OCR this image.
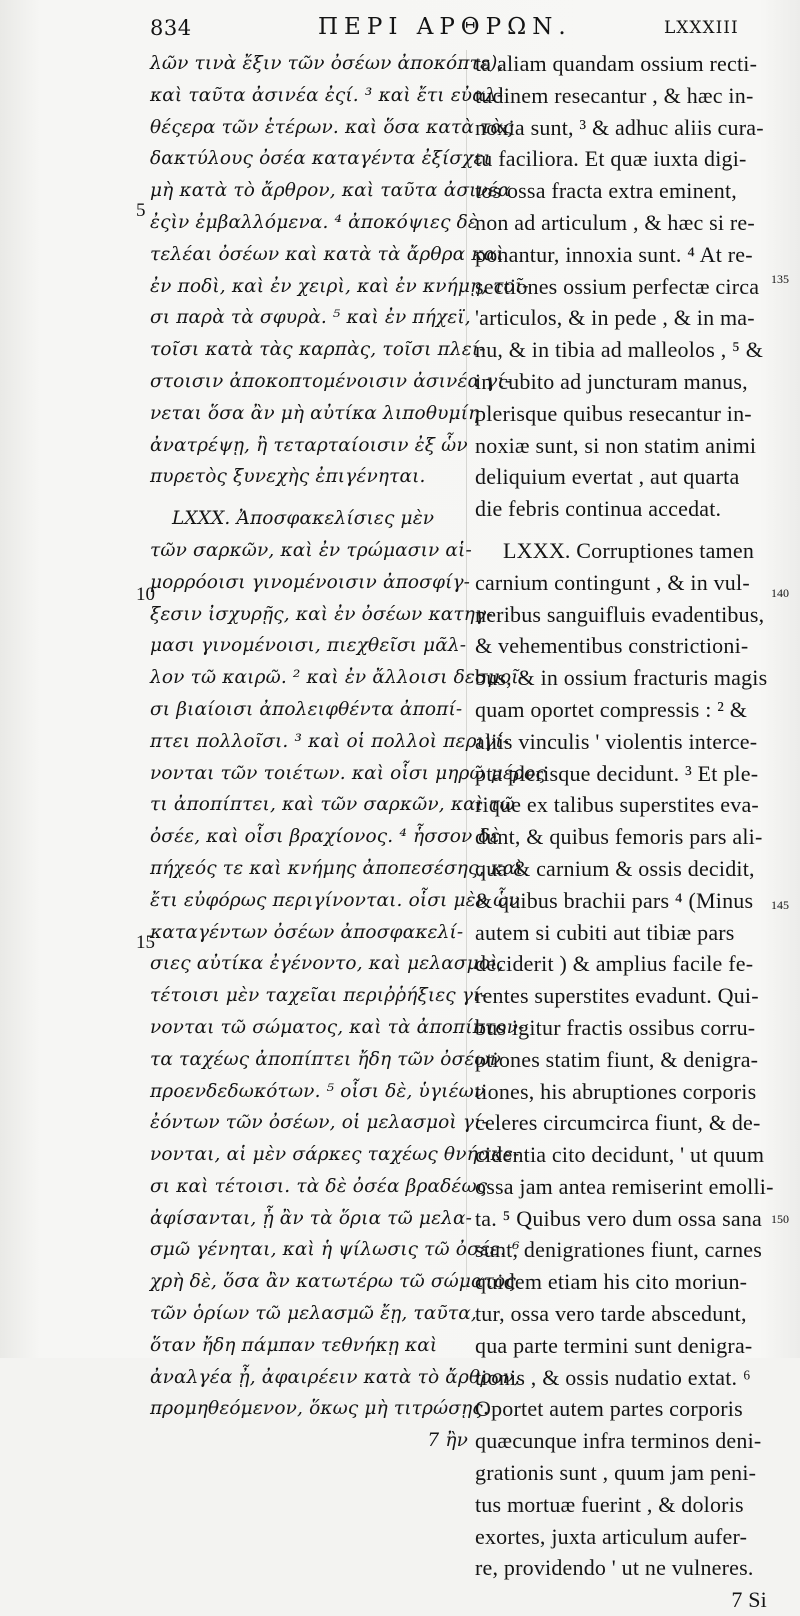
834	ΠΕΡΙ ΑΡΘΡΩΝ.	LXXXIII
λῶν τινὰ ἔξιν τῶν ὀσέων ἀποκόπτε),
καὶ ταῦτα ἀσινέα ἐςί. ³ καὶ ἔτι εὐαλ-
θέςερα τῶν ἑτέρων. καὶ ὅσα κατὰ τὰς
δακτύλους ὀσέα καταγέντα ἐξίσχει
μὴ κατὰ τὸ ἄρθρον, καὶ ταῦτα ἀσινέα
ἐςὶν ἐμβαλλόμενα. ⁴ ἀποκόψιες δὲ
τελέαι ὀσέων καὶ κατὰ τὰ ἄρθρα καὶ
ἐν ποδὶ, καὶ ἐν χειρὶ, καὶ ἐν κνήμῃ, τοῖ-
σι παρὰ τὰ σφυρὰ. ⁵ καὶ ἐν πήχεϊ,
τοῖσι κατὰ τὰς καρπὰς, τοῖσι πλεί-
στοισιν ἀποκοπτομένοισιν ἀσινέα γί-
νεται ὅσα ἂν μὴ αὐτίκα λιποθυμίη
ἀνατρέψῃ, ἢ τεταρταίοισιν ἐξ ὧν
πυρετὸς ξυνεχὴς ἐπιγένηται.
LXXX. Ἀποσφακελίσιες μὲν
τῶν σαρκῶν, καὶ ἐν τρώμασιν αἱ-
μορρόοισι γινομένοισιν ἀποσφίγ-
ξεσιν ἰσχυρῇς, καὶ ἐν ὀσέων κατηγ-
μασι γινομένοισι, πιεχθεῖσι μᾶλ-
λον τῶ καιρῶ. ² καὶ ἐν ἄλλοισι δεσμοῖ-
σι βιαίοισι ἀπολειφθέντα ἀποπί-
πτει πολλοῖσι. ³ καὶ οἱ πολλοὶ περιγί-
νονται τῶν τοιέτων. καὶ οἷσι μηρῶ μέρος
τι ἀποπίπτει, καὶ τῶν σαρκῶν, καὶ τῶ
ὀσέε, καὶ οἷσι βραχίονος. ⁴ ἧσσον δὲ
πήχεός τε καὶ κνήμης ἀποπεσέσης, καὶ
ἔτι εὐφόρως περιγίνονται. οἷσι μὲν ὧν
καταγέντων ὀσέων ἀποσφακελί-
σιες αὐτίκα ἐγένοντο, καὶ μελασμοὶ,
τέτοισι μὲν ταχεῖαι περιῤῥήξιες γί-
νονται τῶ σώματος, καὶ τὰ ἀποπίπτον-
τα ταχέως ἀποπίπτει ἤδη τῶν ὀσέων
προενδεδωκότων. ⁵ οἷσι δὲ, ὑγιέων
ἐόντων τῶν ὀσέων, οἱ μελασμοὶ γί-
νονται, αἱ μὲν σάρκες ταχέως θνήσκε-
σι καὶ τέτοισι. τὰ δὲ ὀσέα βραδέως
ἀφίσανται, ᾗ ἂν τὰ ὅρια τῶ μελα-
σμῶ γένηται, καὶ ἡ ψίλωσις τῶ ὀσέε. ⁶
χρὴ δὲ, ὅσα ἂν κατωτέρω τῶ σώματος
τῶν ὁρίων τῶ μελασμῶ ἔῃ, ταῦτα,
ὅταν ἤδη πάμπαν τεθνήκῃ καὶ
ἀναλγέα ᾖ, ἀφαιρέειν κατὰ τὸ ἄρθρον,
προμηθεόμενον, ὅκως μὴ τιτρώσῃς.
7 ἢν
ta aliam quandam ossium recti-
tudinem resecantur , & hæc in-
noxia sunt, ³ & adhuc aliis cura-
tu faciliora. Et quæ iuxta digi-
tos ossa fracta extra eminent,
non ad articulum , & hæc si re-
ponantur, innoxia sunt. ⁴ At re-
sectiones ossium perfectæ circa
'articulos, & in pede , & in ma-
nu, & in tibia ad malleolos , ⁵ &
in cubito ad juncturam manus,
plerisque quibus resecantur in-
noxiæ sunt, si non statim animi
deliquium evertat , aut quarta
die febris continua accedat.
LXXX. Corruptiones tamen
carnium contingunt , & in vul-
neribus sanguifluis evadentibus,
& vehementibus constrictioni-
bus, & in ossium fracturis magis
quam oportet compressis : ² &
aliis vinculis ' violentis interce-
pta plerisque decidunt. ³ Et ple-
rique ex talibus superstites eva-
dunt, & quibus femoris pars ali-
qua & carnium & ossis decidit,
& quibus brachii pars ⁴ (Minus
autem si cubiti aut tibiæ pars
deciderit ) & amplius facile fe-
rentes superstites evadunt. Qui-
bus igitur fractis ossibus corru-
ptiones statim fiunt, & denigra-
tiones, his abruptiones corporis
celeres circumcirca fiunt, & de-
cidentia cito decidunt, ' ut quum
ossa jam antea remiserint emolli-
ta. ⁵ Quibus vero dum ossa sana
sunt, denigrationes fiunt, carnes
quidem etiam his cito moriun-
tur, ossa vero tarde abscedunt,
qua parte termini sunt denigra-
tionis , & ossis nudatio extat. ⁶
Oportet autem partes corporis
quæcunque infra terminos deni-
grationis sunt , quum jam peni-
tus mortuæ fuerint , & doloris
exortes, juxta articulum aufer-
re, providendo ' ut ne vulneres.
7 Si
5
10
15
135
140
145
150
